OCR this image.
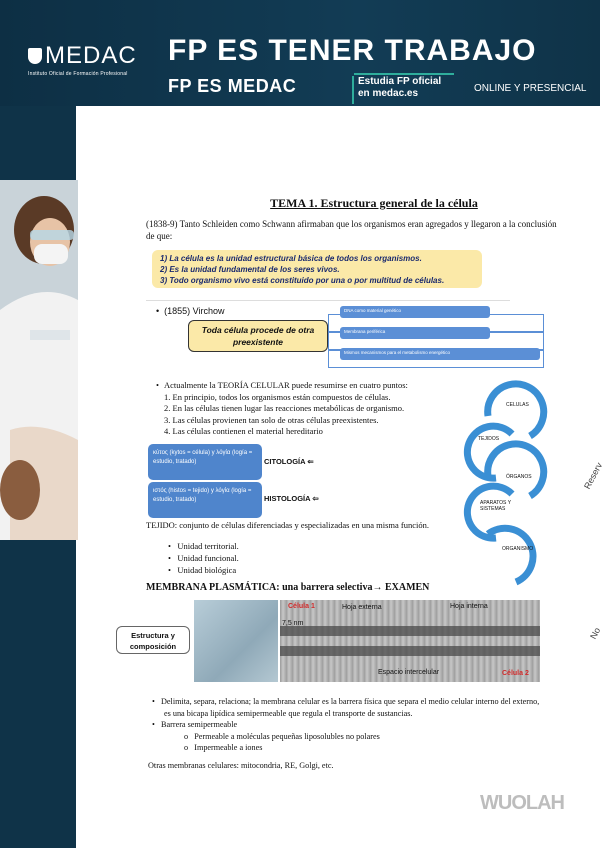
MEDAC
Instituto Oficial de Formación Profesional
FP ES TENER TRABAJO
FP ES MEDAC	Estudia FP oficial en medac.es	ONLINE Y PRESENCIAL
TEMA 1. Estructura general de la célula
(1838-9) Tanto Schleiden como Schwann afirmaban que los organismos eran agregados y llegaron a la conclusión de que:
1) La célula es la unidad estructural básica de todos los organismos.
2) Es la unidad fundamental de los seres vivos.
3) Todo organismo vivo está constituido por una o por multitud de células.
•  (1855) Virchow
Toda célula procede de otra preexistente
DNA como material genético
Membrana periférica
Mismos mecanismos para el metabolismo energético
• Actualmente la TEORÍA CELULAR puede resumirse en cuatro puntos:
1. En principio, todos los organismos están compuestos de células.
2. En las células tienen lugar las reacciones metabólicas de organismo.
3. Las células provienen tan solo de otras células preexistentes.
4. Las células contienen el material hereditario
κύτος (kytos = célula) y λόγία (logía = estudio, tratado)	CITOLOGÍA ⇐
ιστός (histos = tejido) y λόγία (logía = estudio, tratado)	HISTOLOGÍA ⇦
CELULAS
TEJIDOS
ÓRGANOS
APARATOS Y SISTEMAS
ORGANISMO
TEJIDO: conjunto de células diferenciadas y especializadas en una misma función.
•   Unidad territorial.
•   Unidad funcional.
•   Unidad biológica
MEMBRANA PLASMÁTICA: una barrera selectiva→ EXAMEN
Estructura y composición
Célula 1
7,5 nm
Hoja externa	Hoja interna
Espacio intercelular	Célula 2
•   Delimita, separa, relaciona; la membrana celular es la barrera física que separa el medio celular interno del externo, es una bicapa lipídica semipermeable que regula el transporte de sustancias.
•   Barrera semipermeable
o   Permeable a moléculas pequeñas liposolubles no polares
o   Impermeable a iones
Otras membranas celulares: mitocondria, RE, Golgi, etc.
Reserv
No
WUOLAH
